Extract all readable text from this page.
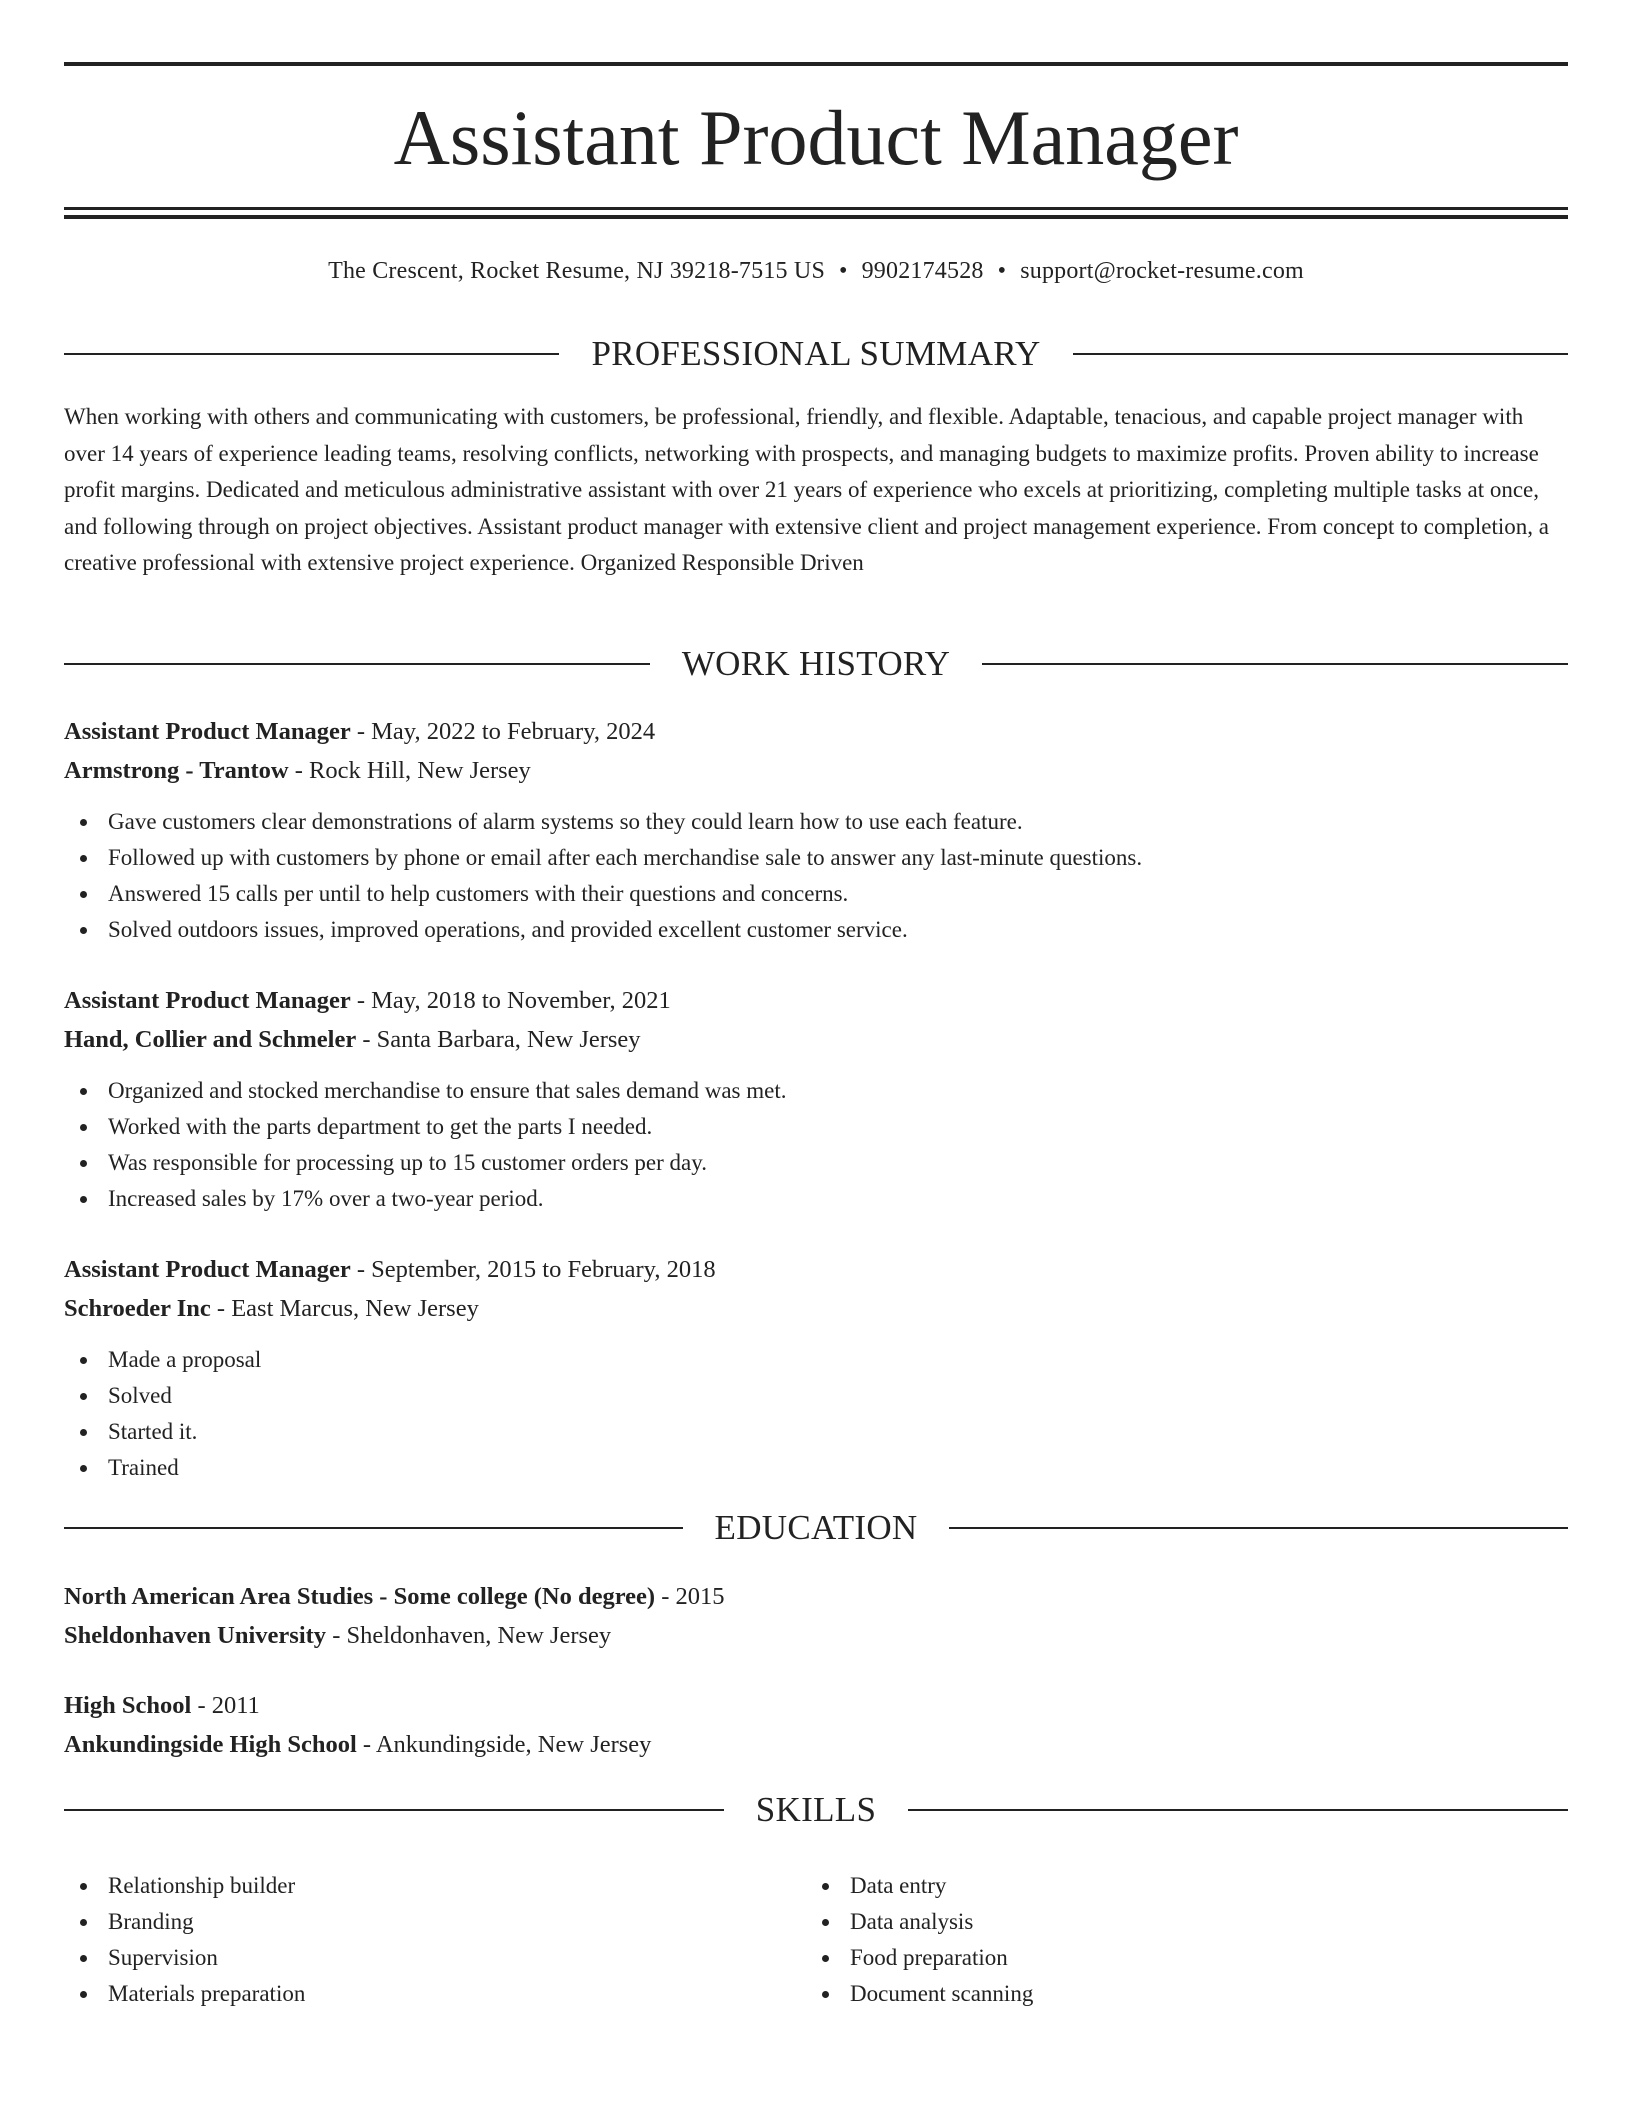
Assistant Product Manager
The Crescent, Rocket Resume, NJ 39218-7515 US • 9902174528 • support@rocket-resume.com
PROFESSIONAL SUMMARY

When working with others and communicating with customers, be professional, friendly, and flexible. Adaptable, tenacious, and capable project manager with over 14 years of experience leading teams, resolving conflicts, networking with prospects, and managing budgets to maximize profits. Proven ability to increase profit margins. Dedicated and meticulous administrative assistant with over 21 years of experience who excels at prioritizing, completing multiple tasks at once, and following through on project objectives. Assistant product manager with extensive client and project management experience. From concept to completion, a creative professional with extensive project experience. Organized Responsible Driven

WORK HISTORY
Assistant Product Manager - May, 2022 to February, 2024
Armstrong - Trantow - Rock Hill, New Jersey
Gave customers clear demonstrations of alarm systems so they could learn how to use each feature.
Followed up with customers by phone or email after each merchandise sale to answer any last-minute questions.
Answered 15 calls per until to help customers with their questions and concerns.
Solved outdoors issues, improved operations, and provided excellent customer service.
Assistant Product Manager - May, 2018 to November, 2021
Hand, Collier and Schmeler - Santa Barbara, New Jersey
Organized and stocked merchandise to ensure that sales demand was met.
Worked with the parts department to get the parts I needed.
Was responsible for processing up to 15 customer orders per day.
Increased sales by 17% over a two-year period.
Assistant Product Manager - September, 2015 to February, 2018
Schroeder Inc - East Marcus, New Jersey
Made a proposal
Solved
Started it.
Trained
EDUCATION
North American Area Studies - Some college (No degree) - 2015
Sheldonhaven University - Sheldonhaven, New Jersey
High School - 2011
Ankundingside High School - Ankundingside, New Jersey
SKILLS
Relationship builder
Branding
Supervision
Materials preparation
Data entry
Data analysis
Food preparation
Document scanning
